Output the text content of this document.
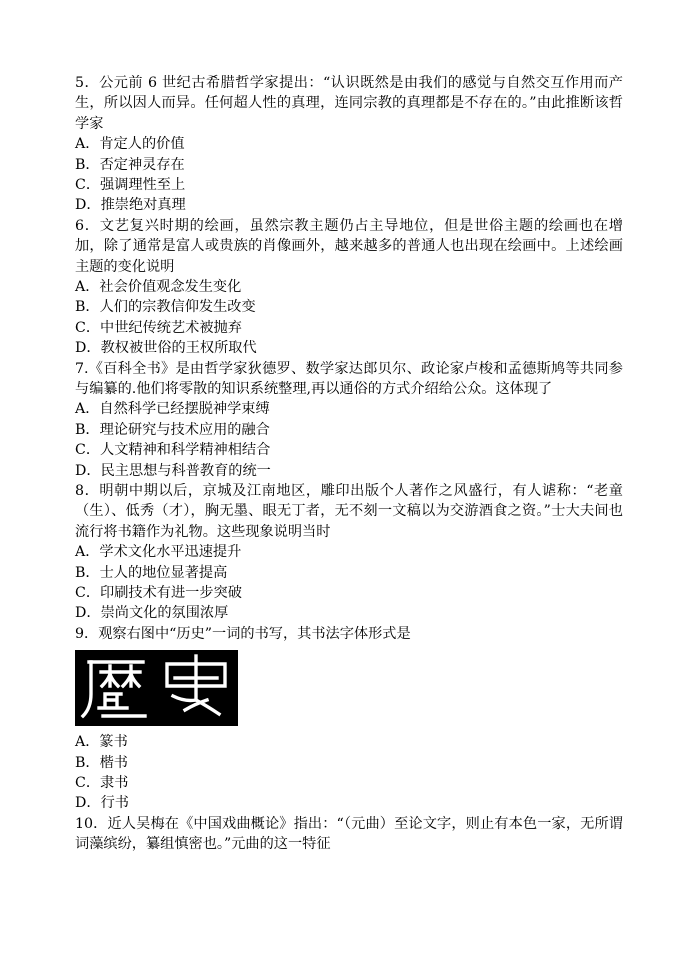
5．公元前 6 世纪古希腊哲学家提出：“认识既然是由我们的感觉与自然交互作用而产生，所以因人而异。任何超人性的真理，连同宗教的真理都是不存在的。”由此推断该哲学家
A．肯定人的价值
B．否定神灵存在
C．强调理性至上
D．推崇绝对真理
6．文艺复兴时期的绘画，虽然宗教主题仍占主导地位，但是世俗主题的绘画也在增加，除了通常是富人或贵族的肖像画外，越来越多的普通人也出现在绘画中。上述绘画主题的变化说明
A．社会价值观念发生变化
B．人们的宗教信仰发生改变
C．中世纪传统艺术被抛弃
D．教权被世俗的王权所取代
7.《百科全书》是由哲学家狄德罗、数学家达郎贝尔、政论家卢梭和孟德斯鸠等共同参与编纂的.他们将零散的知识系统整理,再以通俗的方式介绍给公众。这体现了
A．自然科学已经摆脱神学束缚
B．理论研究与技术应用的融合
C．人文精神和科学精神相结合
D．民主思想与科普教育的统一
8．明朝中期以后，京城及江南地区，雕印出版个人著作之风盛行，有人谑称：“老童（生）、低秀（才），胸无墨、眼无丁者，无不刻一文稿以为交游酒食之资。”士大夫间也流行将书籍作为礼物。这些现象说明当时
A．学术文化水平迅速提升
B．士人的地位显著提高
C．印刷技术有进一步突破
D．崇尚文化的氛围浓厚
9．观察右图中“历史”一词的书写，其书法字体形式是
A．篆书
B．楷书
C．隶书
D．行书
10．近人吴梅在《中国戏曲概论》指出：“（元曲）至论文字，则止有本色一家，无所谓词藻缤纷，纂组慎密也。”元曲的这一特征
